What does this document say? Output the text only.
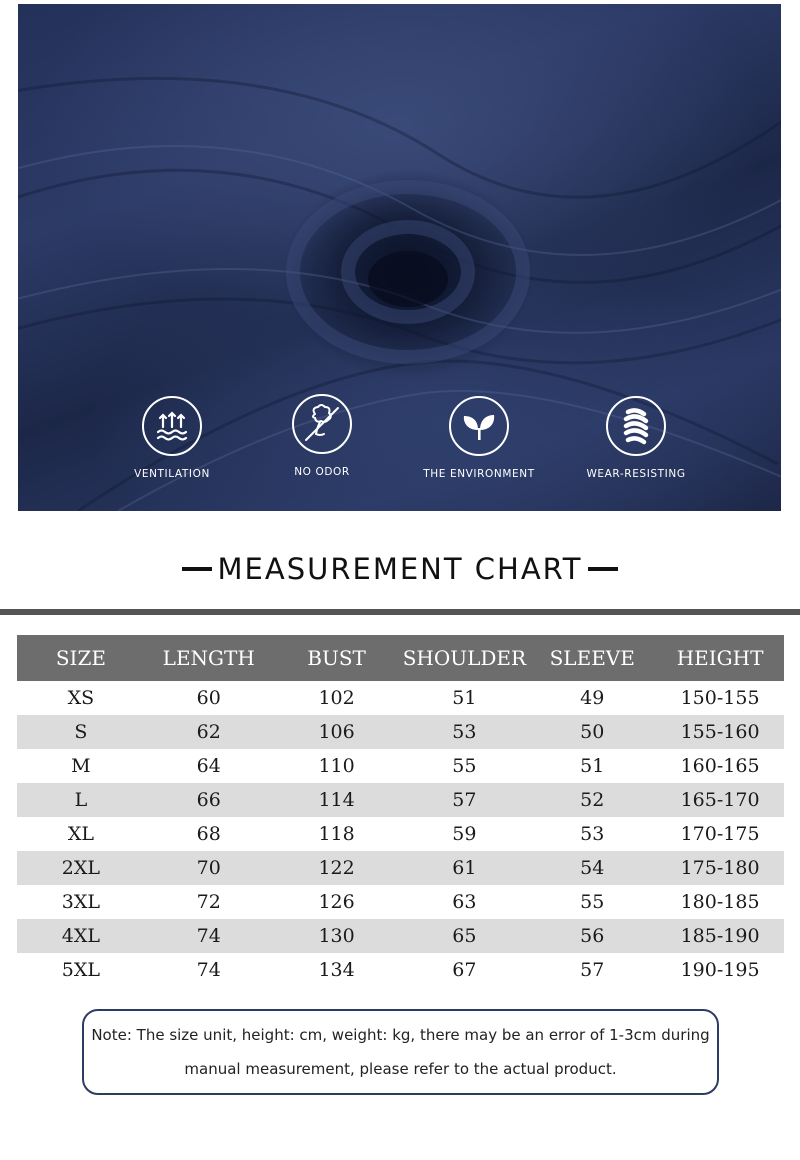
VENTILATION	NO ODOR	THE ENVIRONMENT	WEAR-RESISTING
MEASUREMENT CHART
SIZE	LENGTH	BUST	SHOULDER	SLEEVE	HEIGHT
XS	60	102	51	49	150-155
S	62	106	53	50	155-160
M	64	110	55	51	160-165
L	66	114	57	52	165-170
XL	68	118	59	53	170-175
2XL	70	122	61	54	175-180
3XL	72	126	63	55	180-185
4XL	74	130	65	56	185-190
5XL	74	134	67	57	190-195
Note: The size unit, height: cm, weight: kg, there may be an error of 1-3cm during
manual measurement, please refer to the actual product.
